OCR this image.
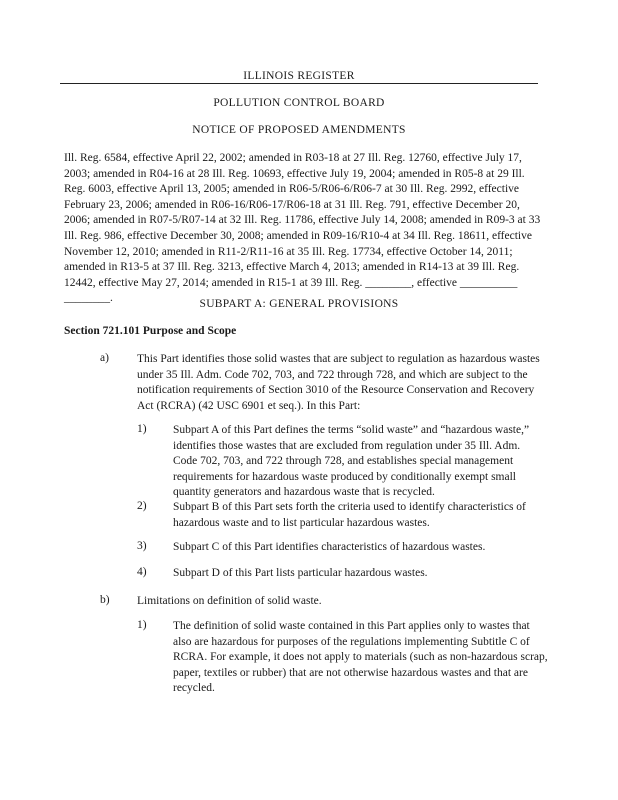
ILLINOIS REGISTER
POLLUTION CONTROL BOARD
NOTICE OF PROPOSED AMENDMENTS
Ill. Reg. 6584, effective April 22, 2002; amended in R03-18 at 27 Ill. Reg. 12760, effective July 17, 2003; amended in R04-16 at 28 Ill. Reg. 10693, effective July 19, 2004; amended in R05-8 at 29 Ill. Reg. 6003, effective April 13, 2005; amended in R06-5/R06-6/R06-7 at 30 Ill. Reg. 2992, effective February 23, 2006; amended in R06-16/R06-17/R06-18 at 31 Ill. Reg. 791, effective December 20, 2006; amended in R07-5/R07-14 at 32 Ill. Reg. 11786, effective July 14, 2008; amended in R09-3 at 33 Ill. Reg. 986, effective December 30, 2008; amended in R09-16/R10-4 at 34 Ill. Reg. 18611, effective November 12, 2010; amended in R11-2/R11-16 at 35 Ill. Reg. 17734, effective October 14, 2011; amended in R13-5 at 37 Ill. Reg. 3213, effective March 4, 2013; amended in R14-13 at 39 Ill. Reg. 12442, effective May 27, 2014; amended in R15-1 at 39 Ill. Reg. ________, effective __________ ________.	SUBPART A: GENERAL PROVISIONS
Section 721.101 Purpose and Scope
a) This Part identifies those solid wastes that are subject to regulation as hazardous wastes under 35 Ill. Adm. Code 702, 703, and 722 through 728, and which are subject to the notification requirements of Section 3010 of the Resource Conservation and Recovery Act (RCRA) (42 USC 6901 et seq.). In this Part:
1) Subpart A of this Part defines the terms “solid waste” and “hazardous waste,” identifies those wastes that are excluded from regulation under 35 Ill. Adm. Code 702, 703, and 722 through 728, and establishes special management requirements for hazardous waste produced by conditionally exempt small quantity generators and hazardous waste that is recycled.
2) Subpart B of this Part sets forth the criteria used to identify characteristics of hazardous waste and to list particular hazardous wastes.
3) Subpart C of this Part identifies characteristics of hazardous wastes.
4) Subpart D of this Part lists particular hazardous wastes.
b) Limitations on definition of solid waste.
1) The definition of solid waste contained in this Part applies only to wastes that also are hazardous for purposes of the regulations implementing Subtitle C of RCRA. For example, it does not apply to materials (such as non-hazardous scrap, paper, textiles or rubber) that are not otherwise hazardous wastes and that are recycled.
